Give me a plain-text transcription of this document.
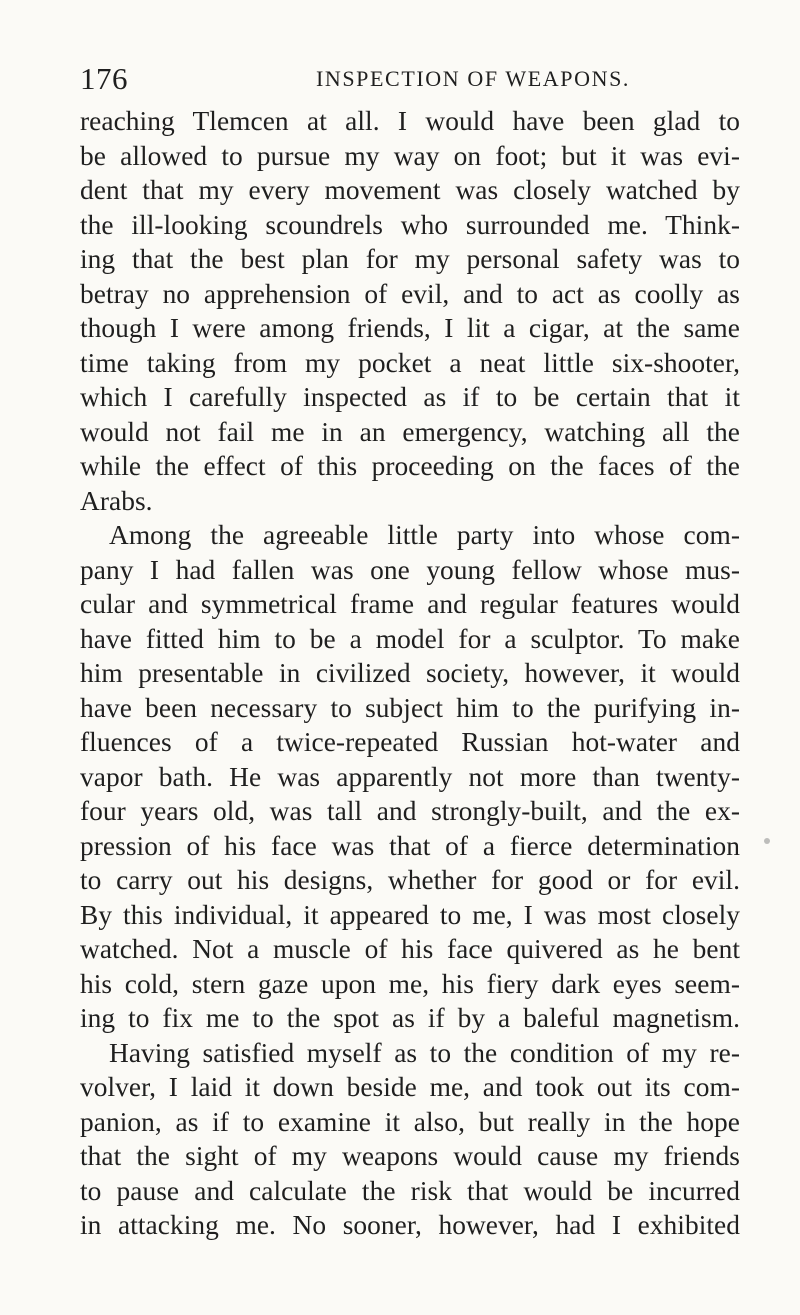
176	INSPECTION OF WEAPONS.
reaching Tlemcen at all. I would have been glad to
be allowed to pursue my way on foot; but it was evi-
dent that my every movement was closely watched by
the ill-looking scoundrels who surrounded me. Think-
ing that the best plan for my personal safety was to
betray no apprehension of evil, and to act as coolly as
though I were among friends, I lit a cigar, at the same
time taking from my pocket a neat little six-shooter,
which I carefully inspected as if to be certain that it
would not fail me in an emergency, watching all the
while the effect of this proceeding on the faces of the
Arabs.
Among the agreeable little party into whose com-
pany I had fallen was one young fellow whose mus-
cular and symmetrical frame and regular features would
have fitted him to be a model for a sculptor. To make
him presentable in civilized society, however, it would
have been necessary to subject him to the purifying in-
fluences of a twice-repeated Russian hot-water and
vapor bath. He was apparently not more than twenty-
four years old, was tall and strongly-built, and the ex-
pression of his face was that of a fierce determination
to carry out his designs, whether for good or for evil.
By this individual, it appeared to me, I was most closely
watched. Not a muscle of his face quivered as he bent
his cold, stern gaze upon me, his fiery dark eyes seem-
ing to fix me to the spot as if by a baleful magnetism.
Having satisfied myself as to the condition of my re-
volver, I laid it down beside me, and took out its com-
panion, as if to examine it also, but really in the hope
that the sight of my weapons would cause my friends
to pause and calculate the risk that would be incurred
in attacking me. No sooner, however, had I exhibited
